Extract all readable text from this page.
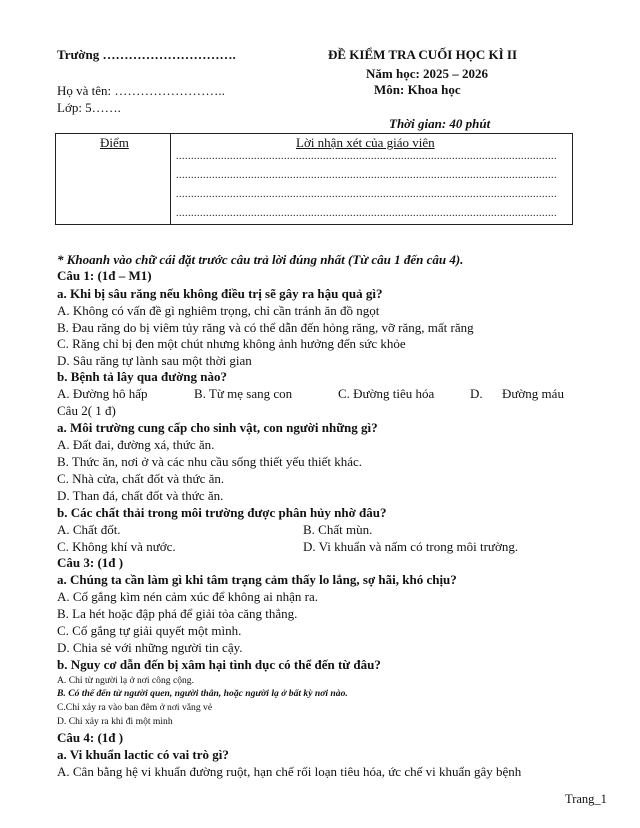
Trường ………………………….	ĐỀ KIỂM TRA CUỐI HỌC KÌ II
Năm học: 2025 – 2026
Họ và tên: ……………………..	Môn: Khoa học
Lớp: 5…….
Thời gian: 40 phút
Điểm	Lời nhận xét của giáo viên
...............................................................................................................................
...............................................................................................................................
...............................................................................................................................
...............................................................................................................................
* Khoanh vào chữ cái đặt trước câu trả lời đúng nhất (Từ câu 1 đến câu 4).
Câu 1: (1đ – M1)
a. Khi bị sâu răng nếu không điều trị sẽ gây ra hậu quả gì?
A. Không có vấn đề gì nghiêm trọng, chỉ cần tránh ăn đồ ngọt
B. Đau răng do bị viêm tủy răng và có thể dẫn đến hỏng răng, vỡ răng, mất răng
C. Răng chỉ bị đen một chút nhưng không ảnh hưởng đến sức khỏe
D. Sâu răng tự lành sau một thời gian
b. Bệnh tả lây qua đường nào?
A. Đường hô hấp	B. Từ mẹ sang con	C. Đường tiêu hóa	D. Đường máu
Câu 2( 1 đ)
a. Môi trường cung cấp cho sinh vật, con người những gì?
A. Đất đai, đường xá, thức ăn.
B. Thức ăn, nơi ở và các nhu cầu sống thiết yếu thiết khác.
C. Nhà cửa, chất đốt và thức ăn.
D. Than đá, chất đốt và thức ăn.
b. Các chất thải trong môi trường được phân hủy nhờ đâu?
A. Chất đốt.	B. Chất mùn.
C. Không khí và nước.	D. Vi khuẩn và nấm có trong môi trường.
Câu 3: (1đ )
a. Chúng ta cần làm gì khi tâm trạng cảm thấy lo lắng, sợ hãi, khó chịu?
A. Cố gắng kìm nén cảm xúc để không ai nhận ra.
B. La hét hoặc đập phá để giải tỏa căng thẳng.
C. Cố gắng tự giải quyết một mình.
D. Chia sẻ với những người tin cậy.
b. Nguy cơ dẫn đến bị xâm hại tình dục có thể đến từ đâu?
A. Chỉ từ người lạ ở nơi công cộng.
B. Có thể đến từ người quen, người thân, hoặc người lạ ở bất kỳ nơi nào.
C.Chỉ xảy ra vào ban đêm ở nơi vắng vẻ
D. Chỉ xảy ra khi đi một mình
Câu 4: (1đ )
a. Vi khuẩn lactic có vai trò gì?
A. Cân bằng hệ vi khuẩn đường ruột, hạn chế rối loạn tiêu hóa, ức chế vi khuẩn gây bệnh
Trang_1
